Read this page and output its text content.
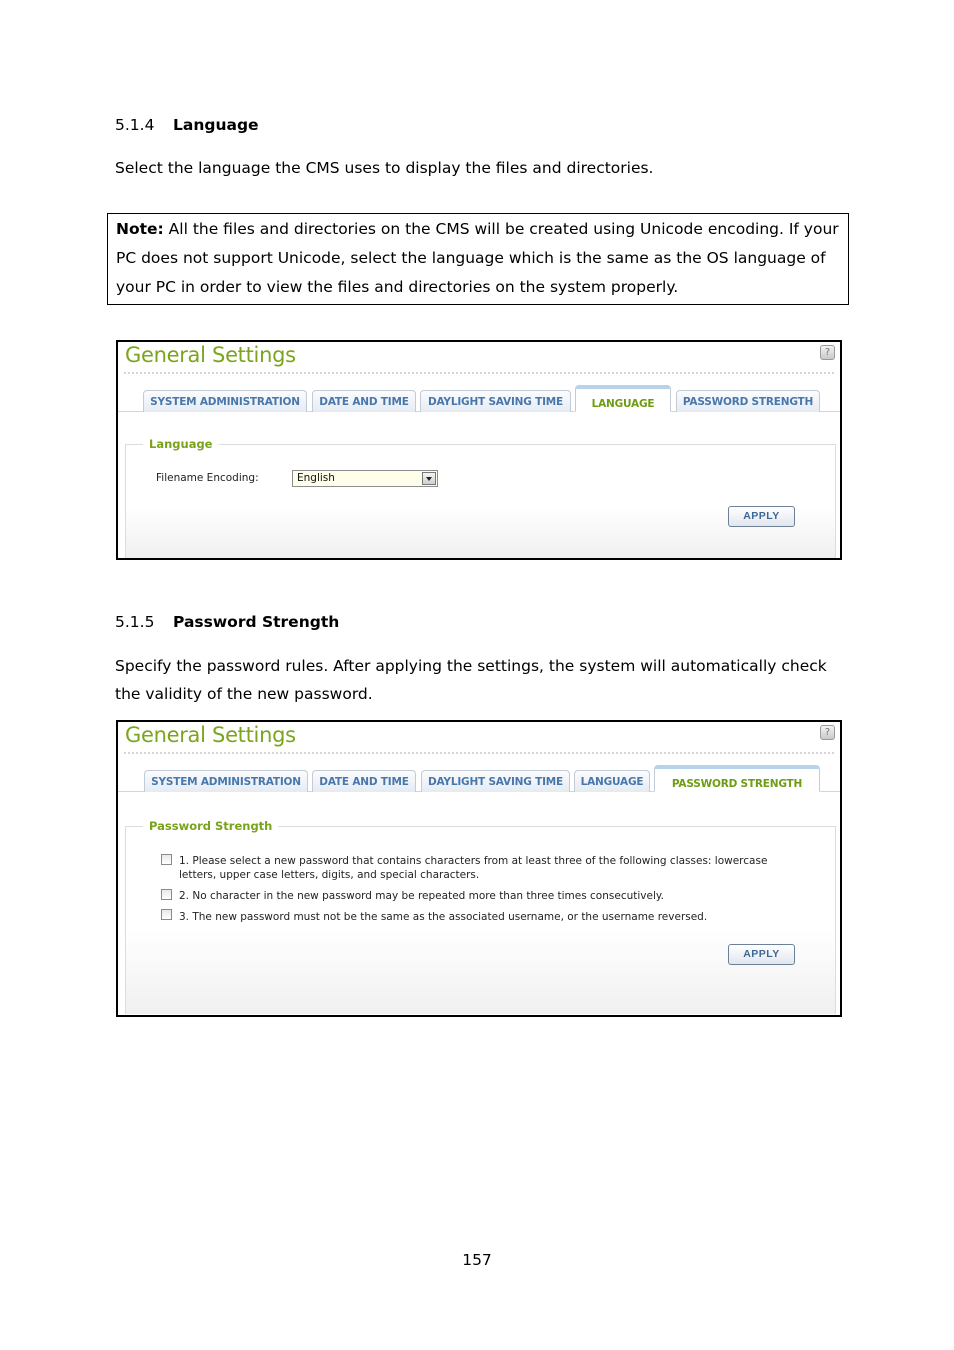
5.1.4 Language
Select the language the CMS uses to display the files and directories.
Note: All the files and directories on the CMS will be created using Unicode encoding. If your PC does not support Unicode, select the language which is the same as the OS language of your PC in order to view the files and directories on the system properly.
General Settings	?
SYSTEM ADMINISTRATION	DATE AND TIME	DAYLIGHT SAVING TIME	LANGUAGE	PASSWORD STRENGTH
Language
Filename Encoding:	English
APPLY
5.1.5 Password Strength
Specify the password rules. After applying the settings, the system will automatically check the validity of the new password.
General Settings	?
SYSTEM ADMINISTRATION	DATE AND TIME	DAYLIGHT SAVING TIME	LANGUAGE	PASSWORD STRENGTH
Password Strength
1. Please select a new password that contains characters from at least three of the following classes: lowercase letters, upper case letters, digits, and special characters.
2. No character in the new password may be repeated more than three times consecutively.
3. The new password must not be the same as the associated username, or the username reversed.
APPLY
157
